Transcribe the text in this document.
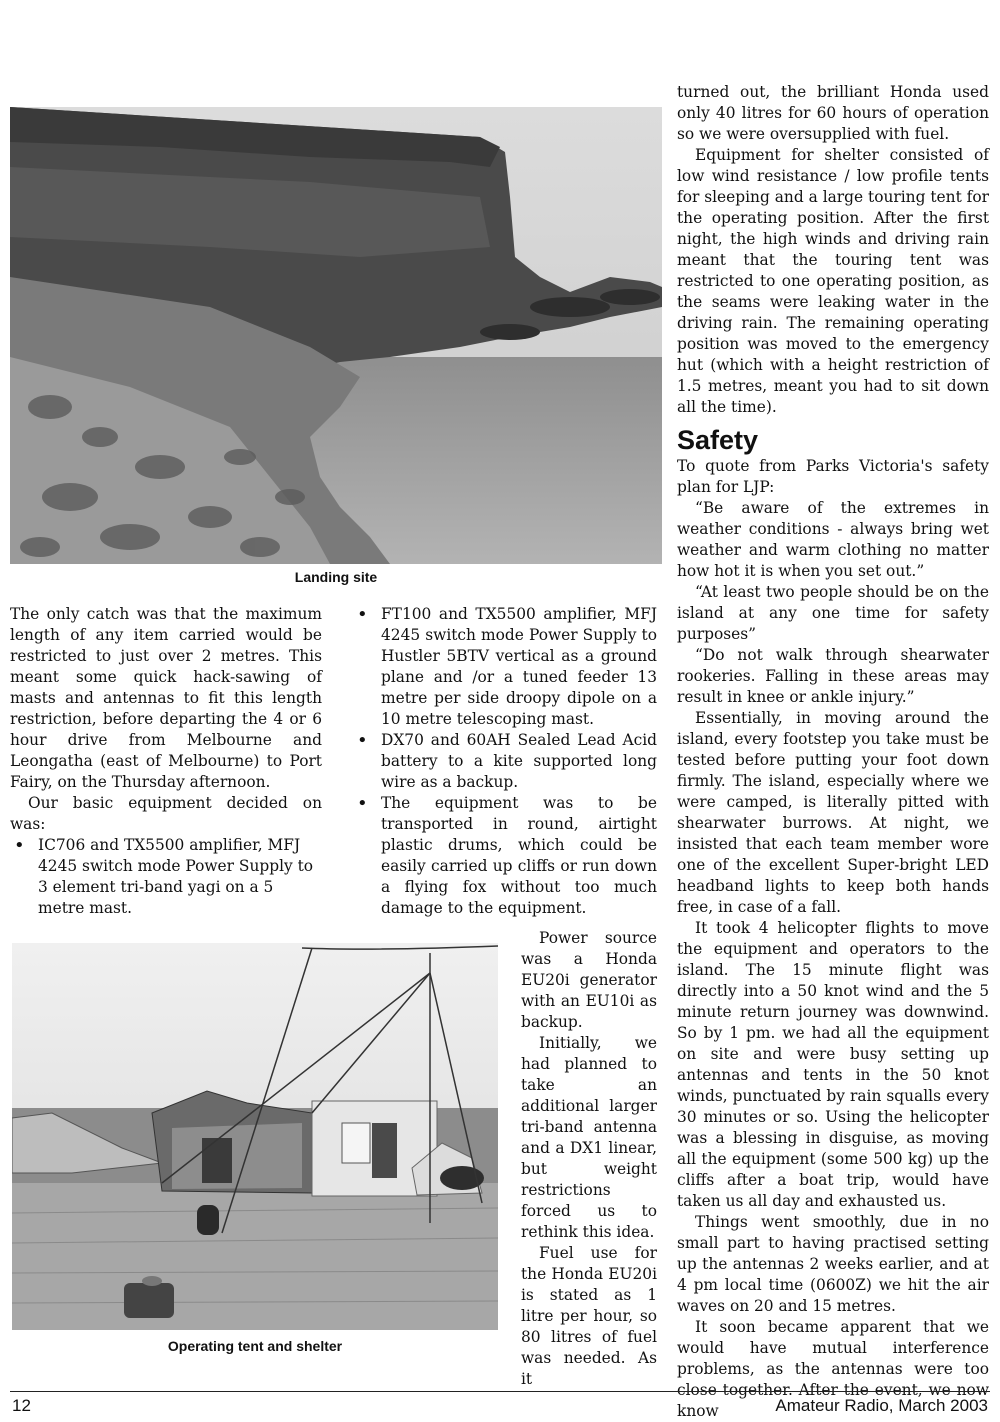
Landing site

The only catch was that the maximum length of any item carried would be restricted to just over 2 metres. This meant some quick hack-sawing of masts and antennas to fit this length restriction, before departing the 4 or 6 hour drive from Melbourne and Leongatha (east of Melbourne) to Port Fairy, on the Thursday afternoon.

Our basic equipment decided on was:

• IC706 and TX5500 amplifier, MFJ 4245 switch mode Power Supply to 3 element tri-band yagi on a 5 metre mast.
• FT100 and TX5500 amplifier, MFJ 4245 switch mode Power Supply to Hustler 5BTV vertical as a ground plane and /or a tuned feeder 13 metre per side droopy dipole on a 10 metre telescoping mast.
• DX70 and 60AH Sealed Lead Acid battery to a kite supported long wire as a backup.
• The equipment was to be transported in round, airtight plastic drums, which could be easily carried up cliffs or run down a flying fox without too much damage to the equipment.
Operating tent and shelter

Power source was a Honda EU20i generator with an EU10i as backup.

Initially, we had planned to take an additional larger tri-band antenna and a DX1 linear, but weight restrictions forced us to rethink this idea.

Fuel use for the Honda EU20i is stated as 1 litre per hour, so 80 litres of fuel was needed. As it

turned out, the brilliant Honda used only 40 litres for 60 hours of operation so we were oversupplied with fuel.

Equipment for shelter consisted of low wind resistance / low profile tents for sleeping and a large touring tent for the operating position. After the first night, the high winds and driving rain meant that the touring tent was restricted to one operating position, as the seams were leaking water in the driving rain. The remaining operating position was moved to the emergency hut (which with a height restriction of 1.5 metres, meant you had to sit down all the time).

Safety

To quote from Parks Victoria's safety plan for LJP:

“Be aware of the extremes in weather conditions - always bring wet weather and warm clothing no matter how hot it is when you set out.”

“At least two people should be on the island at any one time for safety purposes”

“Do not walk through shearwater rookeries. Falling in these areas may result in knee or ankle injury.”

Essentially, in moving around the island, every footstep you take must be tested before putting your foot down firmly. The island, especially where we were camped, is literally pitted with shearwater burrows. At night, we insisted that each team member wore one of the excellent Super-bright LED headband lights to keep both hands free, in case of a fall.

It took 4 helicopter flights to move the equipment and operators to the island. The 15 minute flight was directly into a 50 knot wind and the 5 minute return journey was downwind. So by 1 pm. we had all the equipment on site and were busy setting up antennas and tents in the 50 knot winds, punctuated by rain squalls every 30 minutes or so. Using the helicopter was a blessing in disguise, as moving all the equipment (some 500 kg) up the cliffs after a boat trip, would have taken us all day and exhausted us.

Things went smoothly, due in no small part to having practised setting up the antennas 2 weeks earlier, and at 4 pm local time (0600Z) we hit the air waves on 20 and 15 metres.

It soon became apparent that we would have mutual interference problems, as the antennas were too close together. After the event, we now know

12	Amateur Radio, March 2003
